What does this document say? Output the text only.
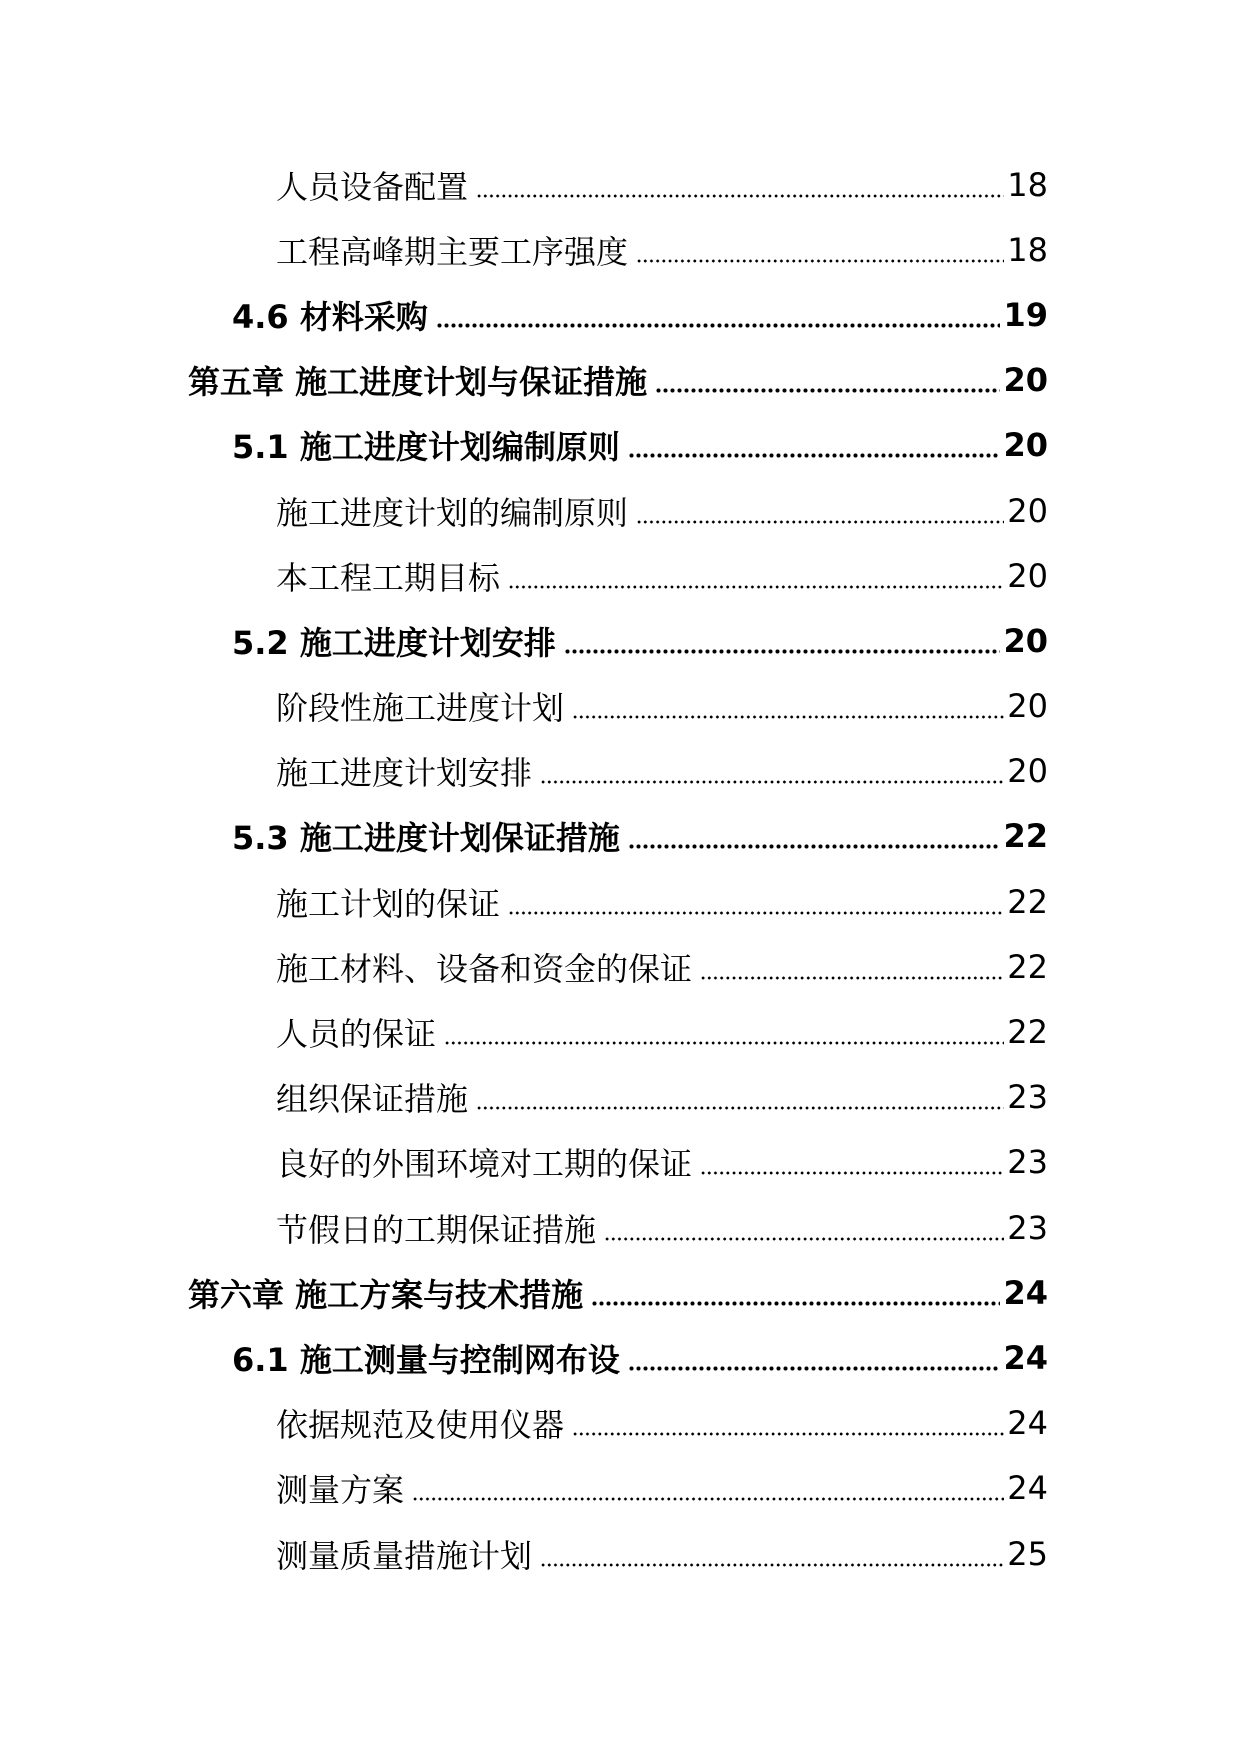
人员设备配置	18
工程高峰期主要工序强度	18
4.6 材料采购	19
第五章 施工进度计划与保证措施	20
5.1 施工进度计划编制原则	20
施工进度计划的编制原则	20
本工程工期目标	20
5.2 施工进度计划安排	20
阶段性施工进度计划	20
施工进度计划安排	20
5.3 施工进度计划保证措施	22
施工计划的保证	22
施工材料、设备和资金的保证	22
人员的保证	22
组织保证措施	23
良好的外围环境对工期的保证	23
节假日的工期保证措施	23
第六章 施工方案与技术措施	24
6.1 施工测量与控制网布设	24
依据规范及使用仪器	24
测量方案	24
测量质量措施计划	25
